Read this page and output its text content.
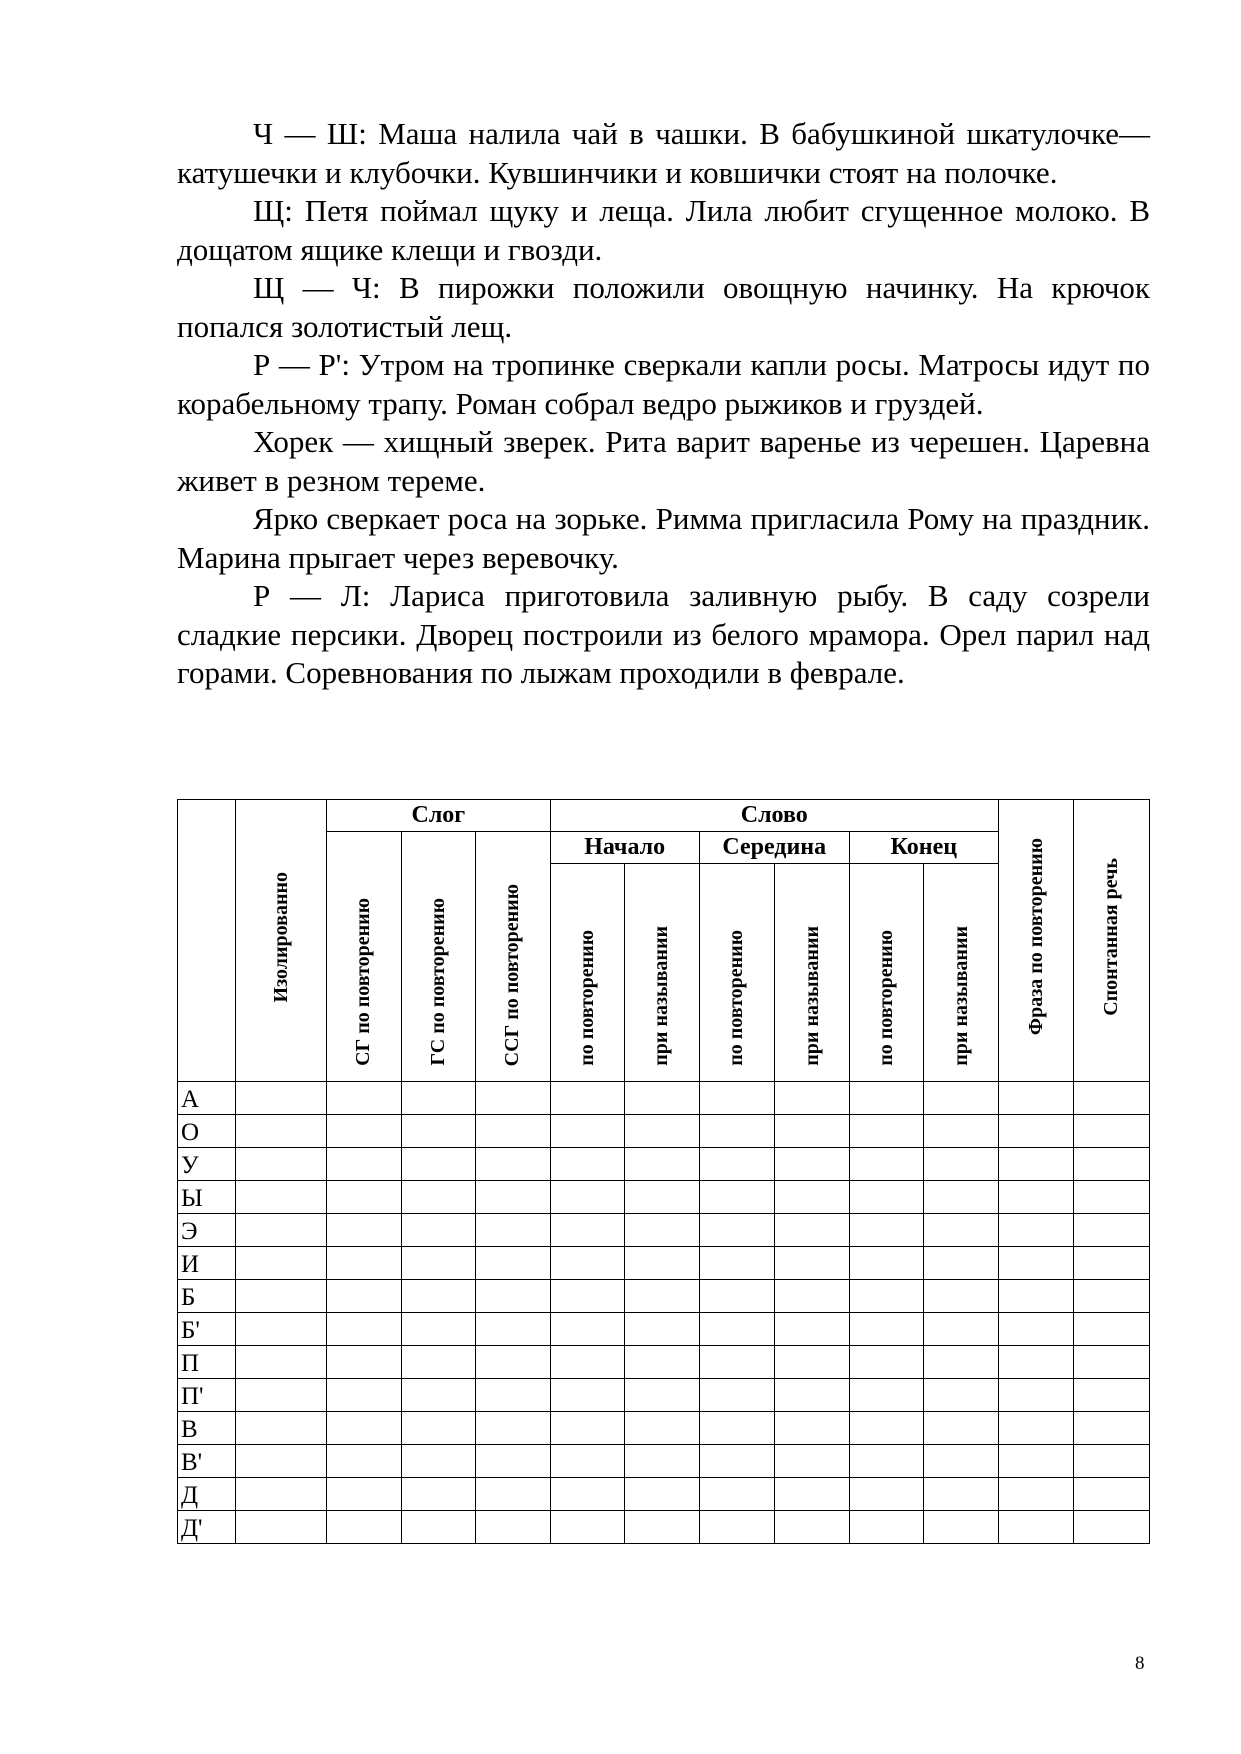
Ч — Ш: Маша налила чай в чашки. В бабушкиной шкатулочке— катушечки и клубочки. Кувшинчики и ковшички стоят на полочке.

Щ: Петя поймал щуку и леща. Лила любит сгущенное молоко. В дощатом ящике клещи и гвозди.

Щ — Ч: В пирожки положили овощную начинку. На крючок попался золотистый лещ.

Р — Р': Утром на тропинке сверкали капли росы. Матросы идут по корабельному трапу. Роман собрал ведро рыжиков и груздей.

Хорек — хищный зверек. Рита варит варенье из черешен. Царевна живет в резном тереме.

Ярко сверкает роса на зорьке. Римма пригласила Рому на праздник. Марина прыгает через веревочку.

Р — Л: Лариса приготовила заливную рыбу. В саду созрели сладкие персики. Дворец построили из белого мрамора. Орел парил над горами. Соревнования по лыжам проходили в феврале.

	Изолированно	Слог			Слово						Фраза по повторению	Спонтанная речь
		СГ по повторению	ГС по повторению	ССГ по повторению	Начало		Середина		Конец			
					по повторению	при назывании	по повторению	при назывании	по повторению	при назывании		
А												
О												
У												
Ы												
Э												
И												
Б												
Б'												
П												
П'												
В												
В'												
Д												
Д'												
8
